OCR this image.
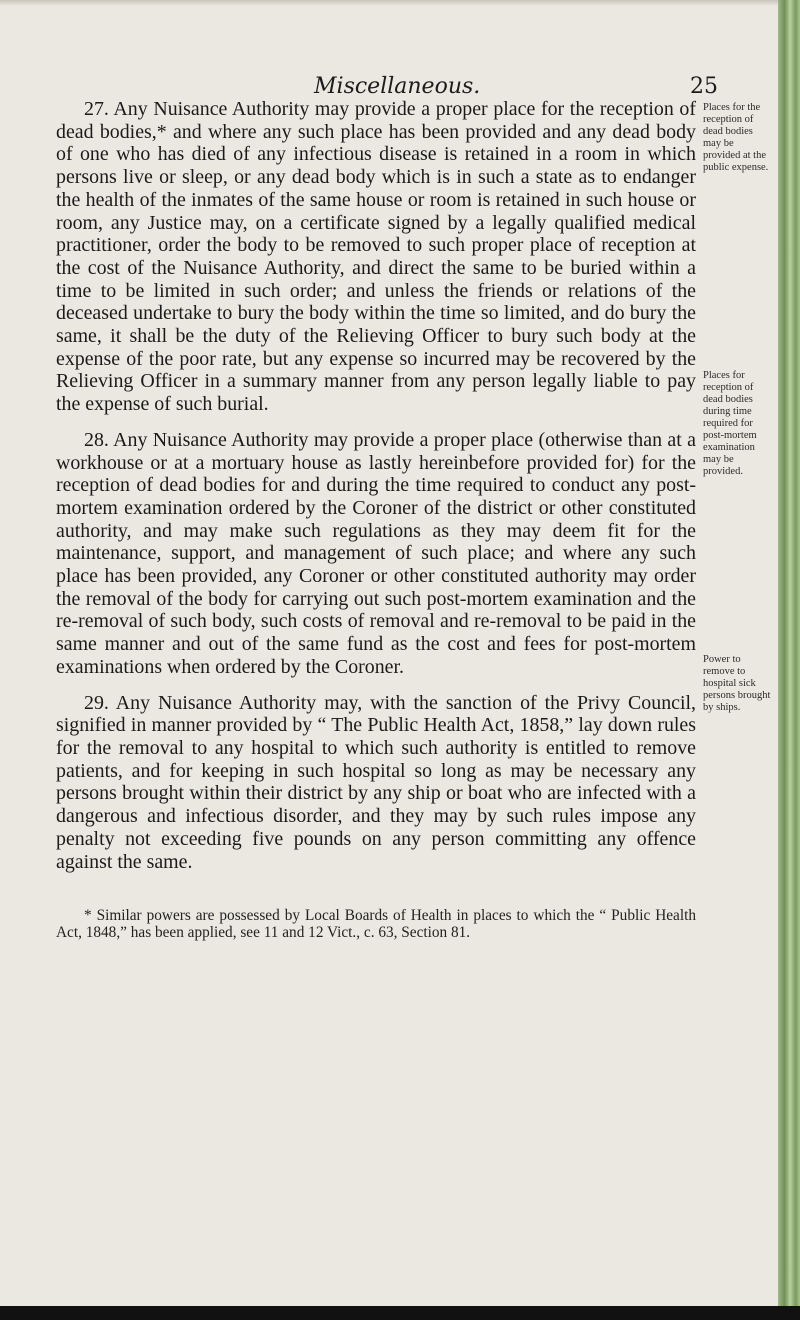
Miscellaneous.	25

27. Any Nuisance Authority may provide a proper place for the reception of dead bodies,* and where any such place has been provided and any dead body of one who has died of any infectious disease is retained in a room in which persons live or sleep, or any dead body which is in such a state as to endanger the health of the inmates of the same house or room is retained in such house or room, any Justice may, on a certificate signed by a legally qualified medical practitioner, order the body to be removed to such proper place of reception at the cost of the Nuisance Authority, and direct the same to be buried within a time to be limited in such order; and unless the friends or relations of the deceased undertake to bury the body within the time so limited, and do bury the same, it shall be the duty of the Relieving Officer to bury such body at the expense of the poor rate, but any expense so incurred may be recovered by the Relieving Officer in a summary manner from any person legally liable to pay the expense of such burial.

28. Any Nuisance Authority may provide a proper place (otherwise than at a workhouse or at a mortuary house as lastly hereinbefore provided for) for the reception of dead bodies for and during the time required to conduct any post-mortem examination ordered by the Coroner of the district or other constituted authority, and may make such regulations as they may deem fit for the maintenance, support, and management of such place; and where any such place has been provided, any Coroner or other constituted authority may order the removal of the body for carrying out such post-mortem examination and the re-removal of such body, such costs of removal and re-removal to be paid in the same manner and out of the same fund as the cost and fees for post-mortem examinations when ordered by the Coroner.

29. Any Nuisance Authority may, with the sanction of the Privy Council, signified in manner provided by “ The Public Health Act, 1858,” lay down rules for the removal to any hospital to which such authority is entitled to remove patients, and for keeping in such hospital so long as may be necessary any persons brought within their district by any ship or boat who are infected with a dangerous and infectious disorder, and they may by such rules impose any penalty not exceeding five pounds on any person committing any offence against the same.

Places for the reception of dead bodies may be provided at the public expense.
Places for reception of dead bodies during time required for post-mortem examination may be provided.
Power to remove to hospital sick persons brought by ships.
* Similar powers are possessed by Local Boards of Health in places to which the “ Public Health Act, 1848,” has been applied, see 11 and 12 Vict., c. 63, Section 81.
